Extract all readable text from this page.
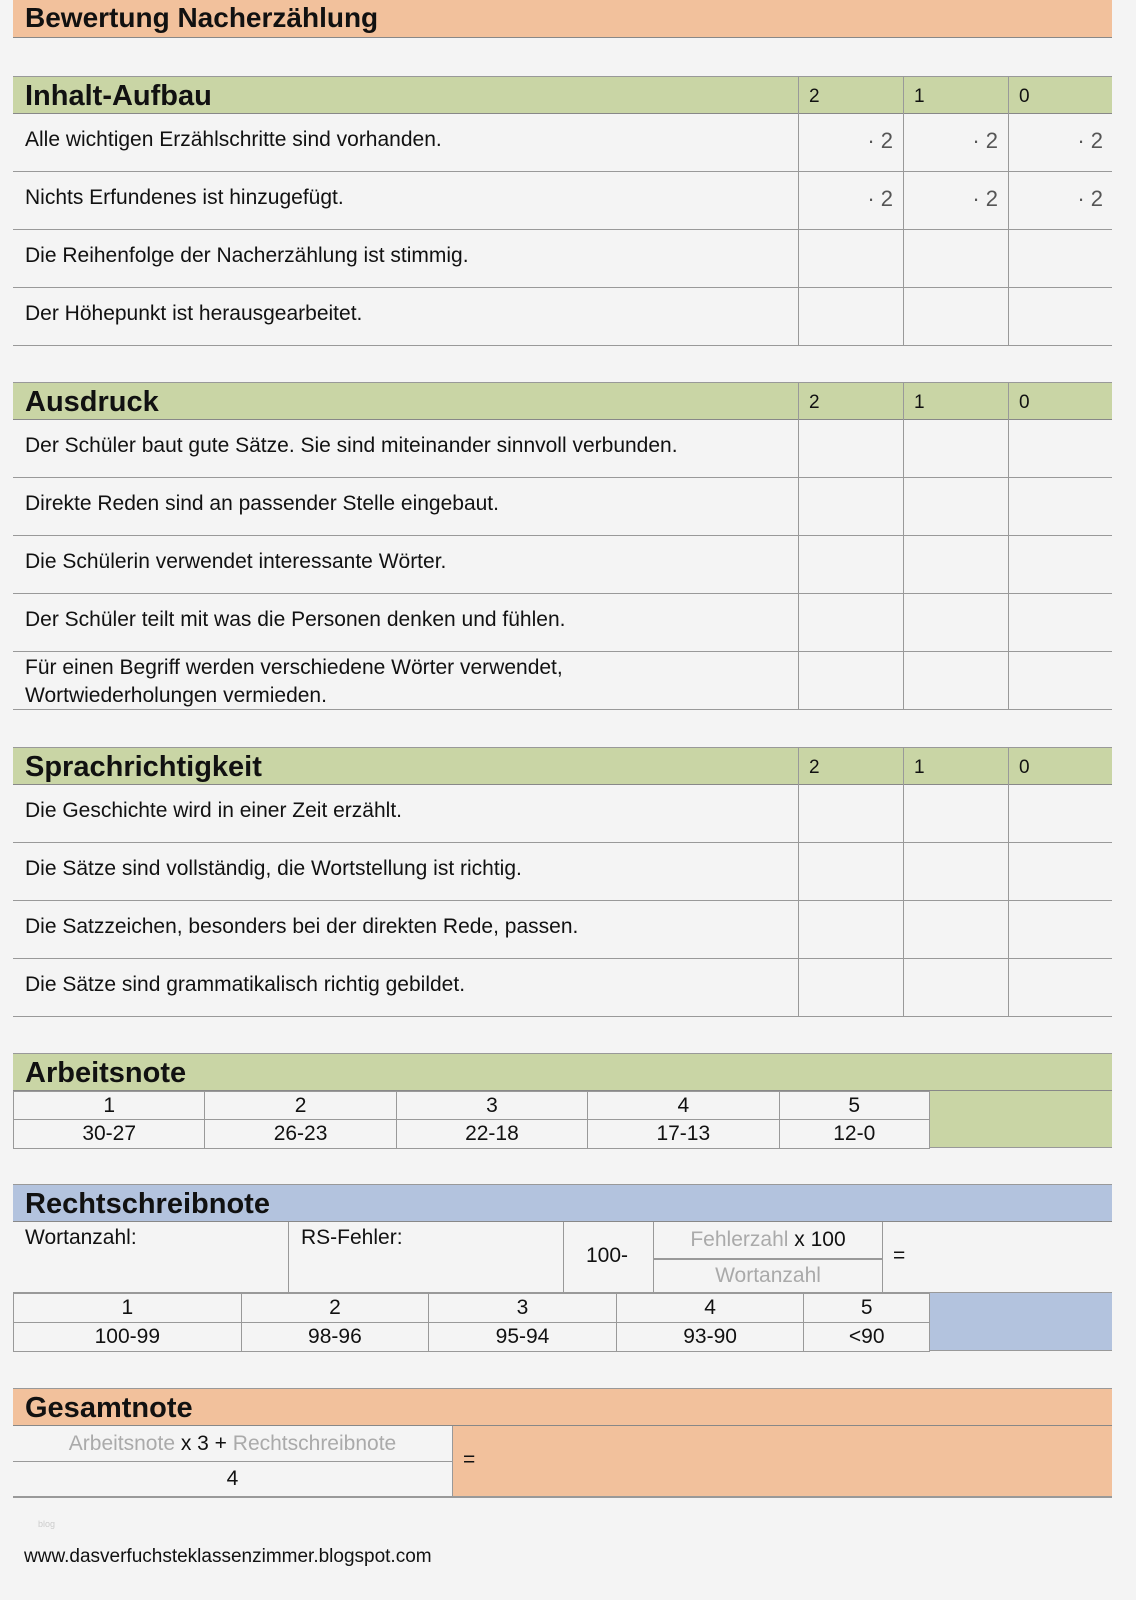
Bewertung Nacherzählung
Inhalt-Aufbau	2	1	0
Alle wichtigen Erzählschritte sind vorhanden.	· 2	· 2	· 2
Nichts Erfundenes ist hinzugefügt.	· 2	· 2	· 2
Die Reihenfolge der Nacherzählung ist stimmig.
Der Höhepunkt ist herausgearbeitet.
Ausdruck	2	1	0
Der Schüler baut gute Sätze. Sie sind miteinander sinnvoll verbunden.
Direkte Reden sind an passender Stelle eingebaut.
Die Schülerin verwendet interessante Wörter.
Der Schüler teilt mit was die Personen denken und fühlen.
Für einen Begriff werden verschiedene Wörter verwendet, Wortwiederholungen vermieden.
Sprachrichtigkeit	2	1	0
Die Geschichte wird in einer Zeit erzählt.
Die Sätze sind vollständig, die Wortstellung ist richtig.
Die Satzzeichen, besonders bei der direkten Rede, passen.
Die Sätze sind grammatikalisch richtig gebildet.
Arbeitsnote
1	2	3	4	5
30-27	26-23	22-18	17-13	12-0
Rechtschreibnote
Wortanzahl:	RS-Fehler:
100-
Fehlerzahl x 100
Wortanzahl
=
1	2	3	4	5
100-99	98-96	95-94	93-90	<90
Gesamtnote
Arbeitsnote x 3 + Rechtschreibnote
4
=
blog
www.dasverfuchsteklassenzimmer.blogspot.com
